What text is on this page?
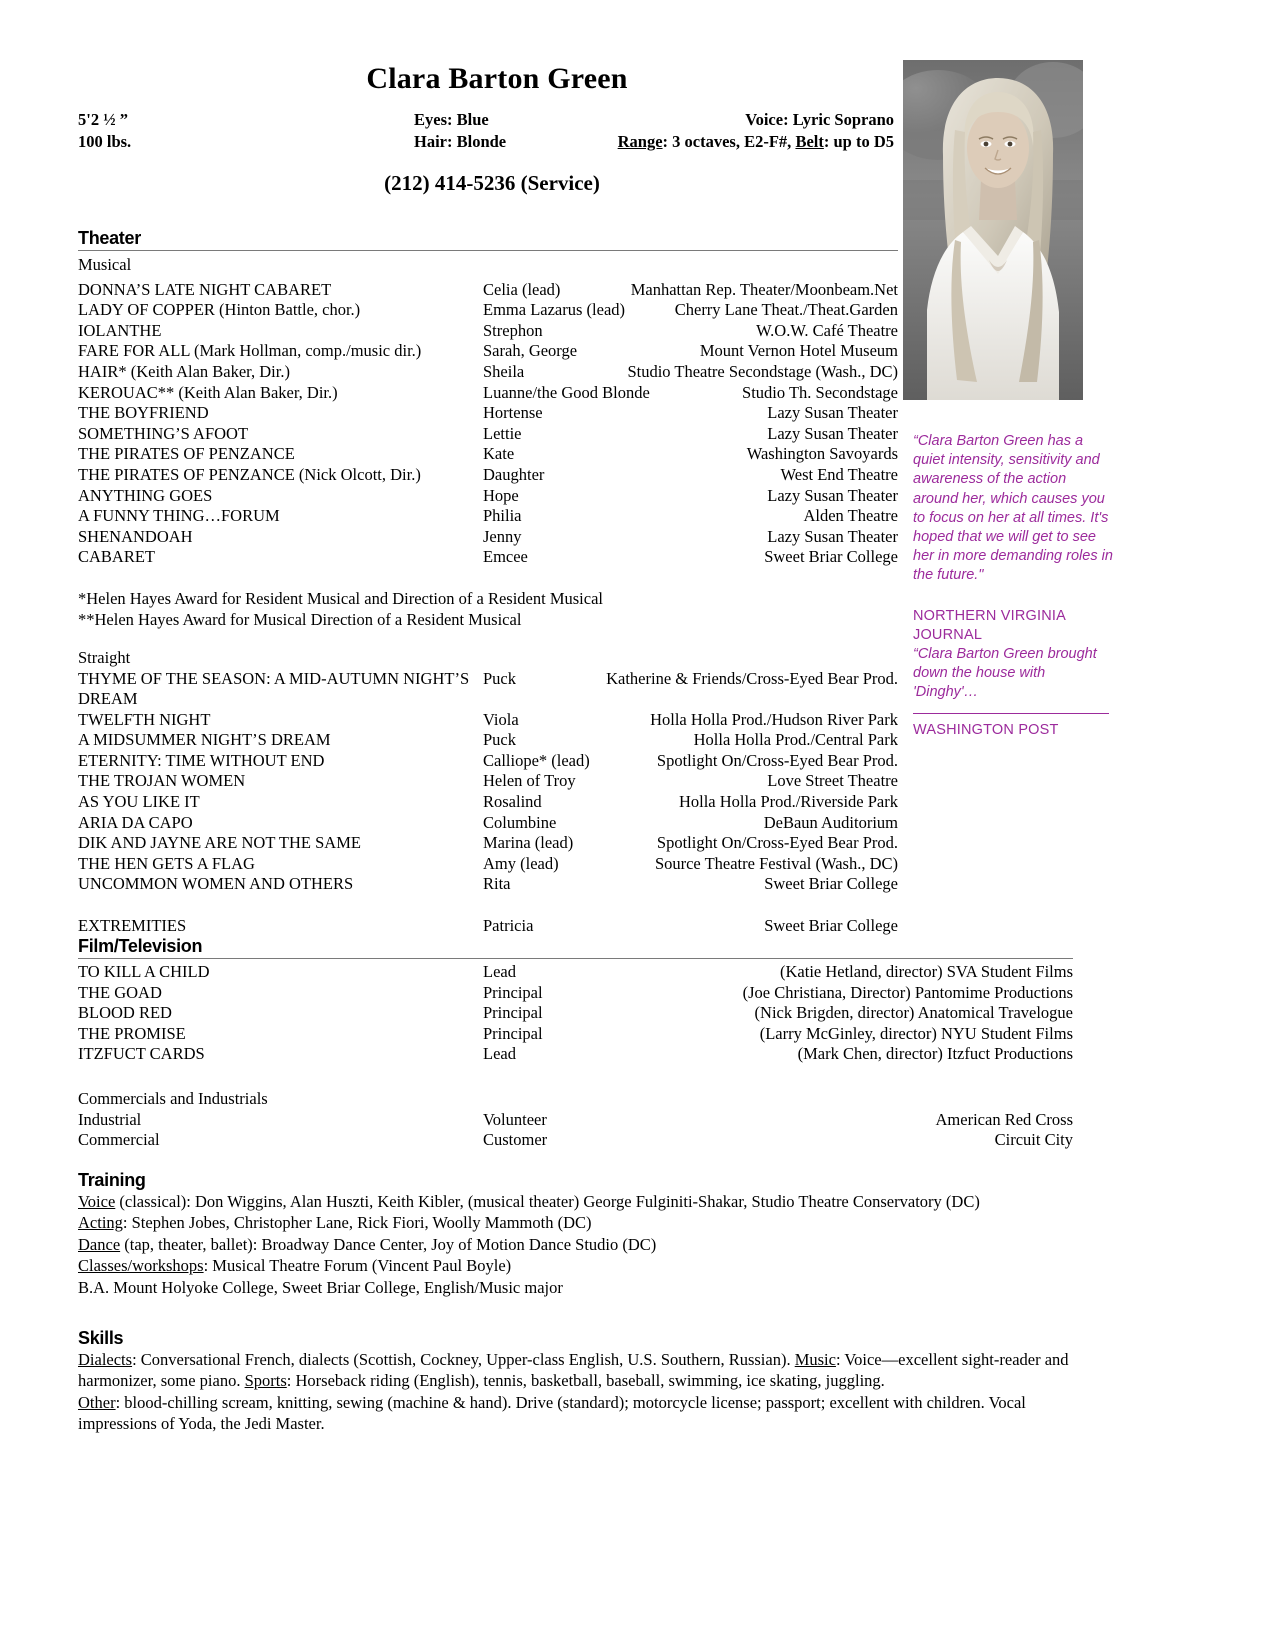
Clara Barton Green
5'2 ½ ”	Eyes: Blue	Voice: Lyric Soprano
100 lbs.	Hair: Blonde	Range: 3 octaves, E2-F#, Belt: up to D5
(212) 414-5236 (Service)
Theater
Musical
DONNA’S LATE NIGHT CABARET	Celia (lead)	Manhattan Rep. Theater/Moonbeam.Net
LADY OF COPPER (Hinton Battle, chor.)	Emma Lazarus (lead)	Cherry Lane Theat./Theat.Garden
IOLANTHE	Strephon	W.O.W. Café Theatre
FARE FOR ALL (Mark Hollman, comp./music dir.)	Sarah, George	Mount Vernon Hotel Museum
HAIR* (Keith Alan Baker, Dir.)	Sheila	Studio Theatre Secondstage (Wash., DC)
KEROUAC** (Keith Alan Baker, Dir.)	Luanne/the Good Blonde	Studio Th. Secondstage
THE BOYFRIEND	Hortense	Lazy Susan Theater
SOMETHING’S AFOOT	Lettie	Lazy Susan Theater
THE PIRATES OF PENZANCE	Kate	Washington Savoyards
THE PIRATES OF PENZANCE (Nick Olcott, Dir.)	Daughter	West End Theatre
ANYTHING GOES	Hope	Lazy Susan Theater
A FUNNY THING…FORUM	Philia	Alden Theatre
SHENANDOAH	Jenny	Lazy Susan Theater
CABARET	Emcee	Sweet Briar College
*Helen Hayes Award for Resident Musical and Direction of a Resident Musical
**Helen Hayes Award for Musical Direction of a Resident Musical
Straight
THYME OF THE SEASON: A MID-AUTUMN NIGHT’S DREAM
Puck	Katherine & Friends/Cross-Eyed Bear Prod.
TWELFTH NIGHT	Viola	Holla Holla Prod./Hudson River Park
A MIDSUMMER NIGHT’S DREAM	Puck	Holla Holla Prod./Central Park
ETERNITY: TIME WITHOUT END	Calliope* (lead)	Spotlight On/Cross-Eyed Bear Prod.
THE TROJAN WOMEN	Helen of Troy	Love Street Theatre
AS YOU LIKE IT	Rosalind	Holla Holla Prod./Riverside Park
ARIA DA CAPO	Columbine	DeBaun Auditorium
DIK AND JAYNE ARE NOT THE SAME	Marina (lead)	Spotlight On/Cross-Eyed Bear Prod.
THE HEN GETS A FLAG	Amy (lead)	Source Theatre Festival (Wash., DC)
UNCOMMON WOMEN AND OTHERS	Rita	Sweet Briar College
EXTREMITIES	Patricia	Sweet Briar College
Film/Television
TO KILL A CHILD	Lead	(Katie Hetland, director) SVA Student Films
THE GOAD	Principal	(Joe Christiana, Director) Pantomime Productions
BLOOD RED	Principal	(Nick Brigden, director) Anatomical Travelogue
THE PROMISE	Principal	(Larry McGinley, director) NYU Student Films
ITZFUCT CARDS	Lead	(Mark Chen, director) Itzfuct Productions
Commercials and Industrials
Industrial	Volunteer	American Red Cross
Commercial	Customer	Circuit City
Training
Voice (classical): Don Wiggins, Alan Huszti, Keith Kibler, (musical theater) George Fulginiti-Shakar, Studio Theatre Conservatory (DC)
Acting: Stephen Jobes, Christopher Lane, Rick Fiori, Woolly Mammoth (DC)
Dance (tap, theater, ballet): Broadway Dance Center, Joy of Motion Dance Studio (DC)
Classes/workshops: Musical Theatre Forum (Vincent Paul Boyle)
B.A. Mount Holyoke College, Sweet Briar College, English/Music major
Skills
Dialects: Conversational French, dialects (Scottish, Cockney, Upper-class English, U.S. Southern, Russian). Music: Voice—excellent sight-reader and harmonizer, some piano. Sports: Horseback riding (English), tennis, basketball, baseball, swimming, ice skating, juggling.
Other: blood-chilling scream, knitting, sewing (machine & hand). Drive (standard); motorcycle license; passport; excellent with children. Vocal impressions of Yoda, the Jedi Master.
“Clara Barton Green has a quiet intensity, sensitivity and awareness of the action around her, which causes you to focus on her at all times. It's hoped that we will get to see her in more demanding roles in the future."
NORTHERN VIRGINIA JOURNAL
“Clara Barton Green brought down the house with 'Dinghy'…
WASHINGTON POST
